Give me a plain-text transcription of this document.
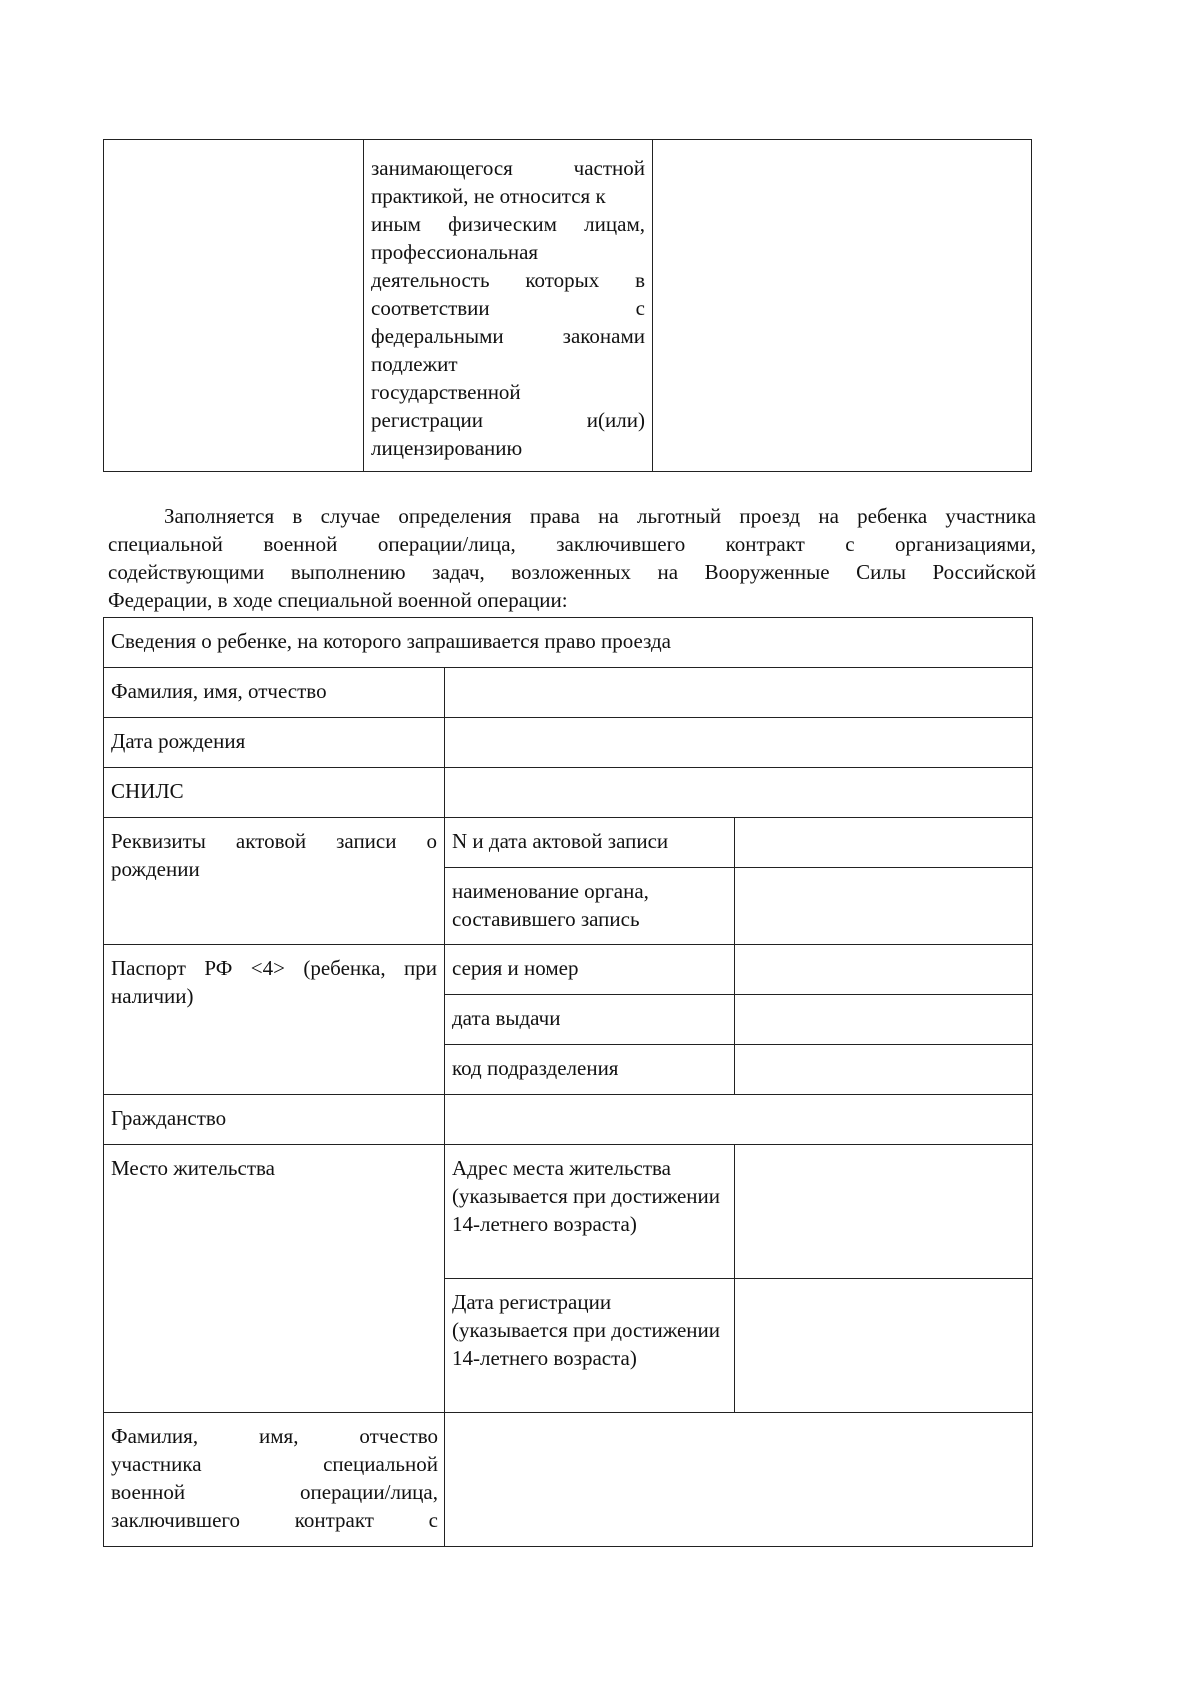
занимающегося частной
практикой, не относится к
иным физическим лицам,
профессиональная
деятельность которых в
соответствии с
федеральными законами
подлежит
государственной
регистрации и(или)
лицензированию

Заполняется в случае определения права на льготный проезд на ребенка участника
специальной военной операции/лица, заключившего контракт с организациями,
содействующими выполнению задач, возложенных на Вооруженные Силы Российской
Федерации, в ходе специальной военной операции:
Сведения о ребенке, на которого запрашивается право проезда		
Фамилия, имя, отчество		
Дата рождения		
СНИЛС		

Реквизиты актовой записи о
рождении	N и дата актовой записи	
	наименование органа, составившего запись	

Паспорт РФ <4> (ребенка, при
наличии)	серия и номер	
	дата выдачи	
	код подразделения	
Гражданство		
Место жительства	Адрес места жительства (указывается при достижении 14-летнего возраста)	
	Дата регистрации (указывается при достижении 14-летнего возраста)	

Фамилия, имя, отчество
участника специальной
военной операции/лица,
заключившего контракт с		
